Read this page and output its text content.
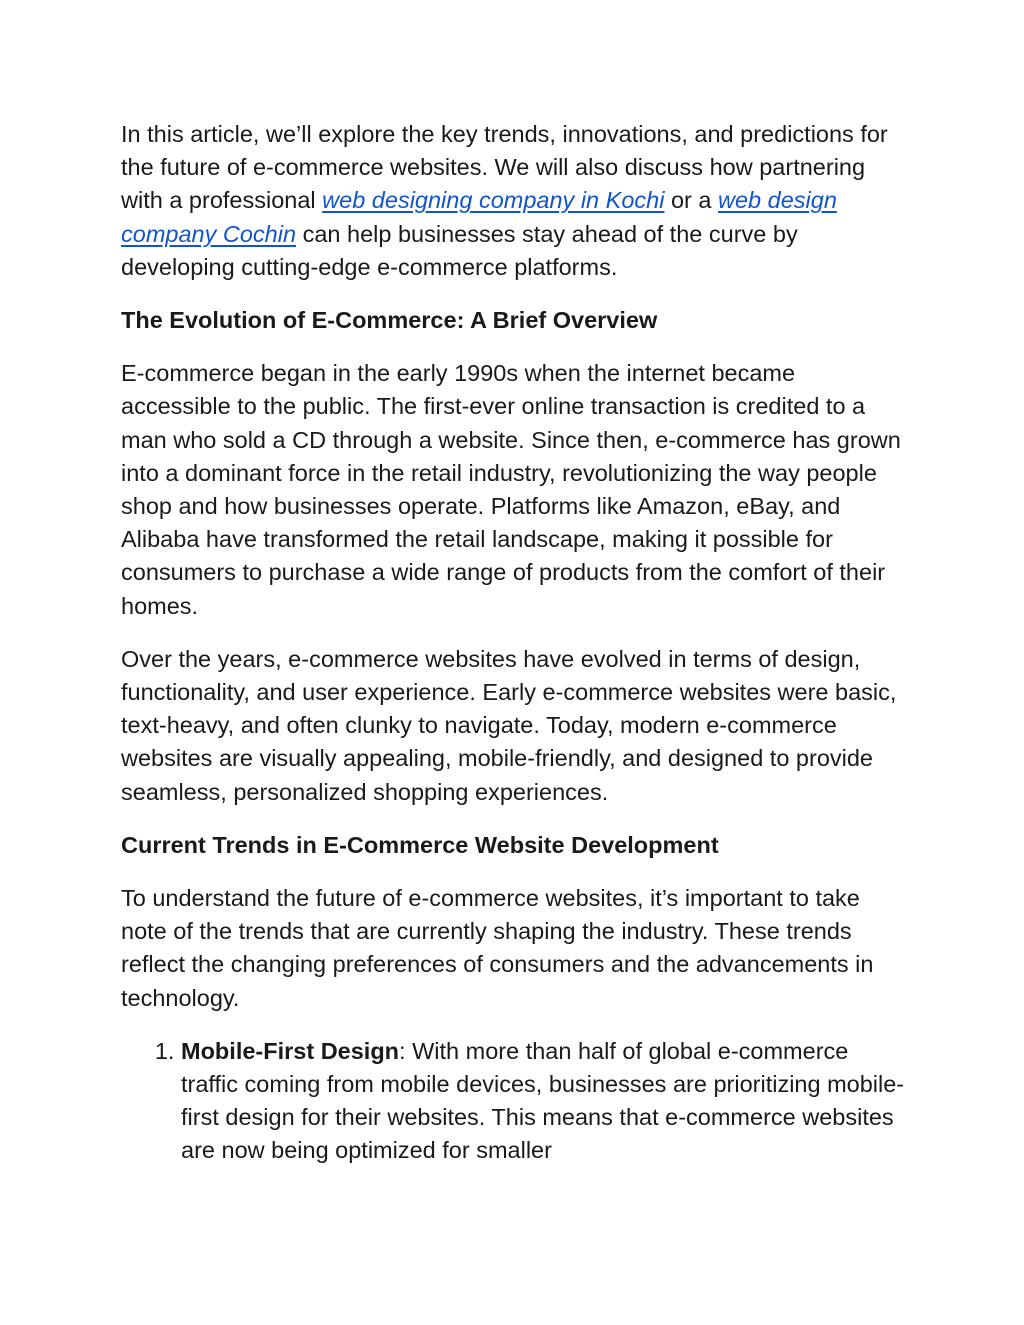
In this article, we’ll explore the key trends, innovations, and predictions for the future of e-commerce websites. We will also discuss how partnering with a professional web designing company in Kochi or a web design company Cochin can help businesses stay ahead of the curve by developing cutting-edge e-commerce platforms.

The Evolution of E-Commerce: A Brief Overview

E-commerce began in the early 1990s when the internet became accessible to the public. The first-ever online transaction is credited to a man who sold a CD through a website. Since then, e-commerce has grown into a dominant force in the retail industry, revolutionizing the way people shop and how businesses operate. Platforms like Amazon, eBay, and Alibaba have transformed the retail landscape, making it possible for consumers to purchase a wide range of products from the comfort of their homes.

Over the years, e-commerce websites have evolved in terms of design, functionality, and user experience. Early e-commerce websites were basic, text-heavy, and often clunky to navigate. Today, modern e-commerce websites are visually appealing, mobile-friendly, and designed to provide seamless, personalized shopping experiences.

Current Trends in E-Commerce Website Development

To understand the future of e-commerce websites, it’s important to take note of the trends that are currently shaping the industry. These trends reflect the changing preferences of consumers and the advancements in technology.

1. Mobile-First Design: With more than half of global e-commerce traffic coming from mobile devices, businesses are prioritizing mobile-first design for their websites. This means that e-commerce websites are now being optimized for smaller
